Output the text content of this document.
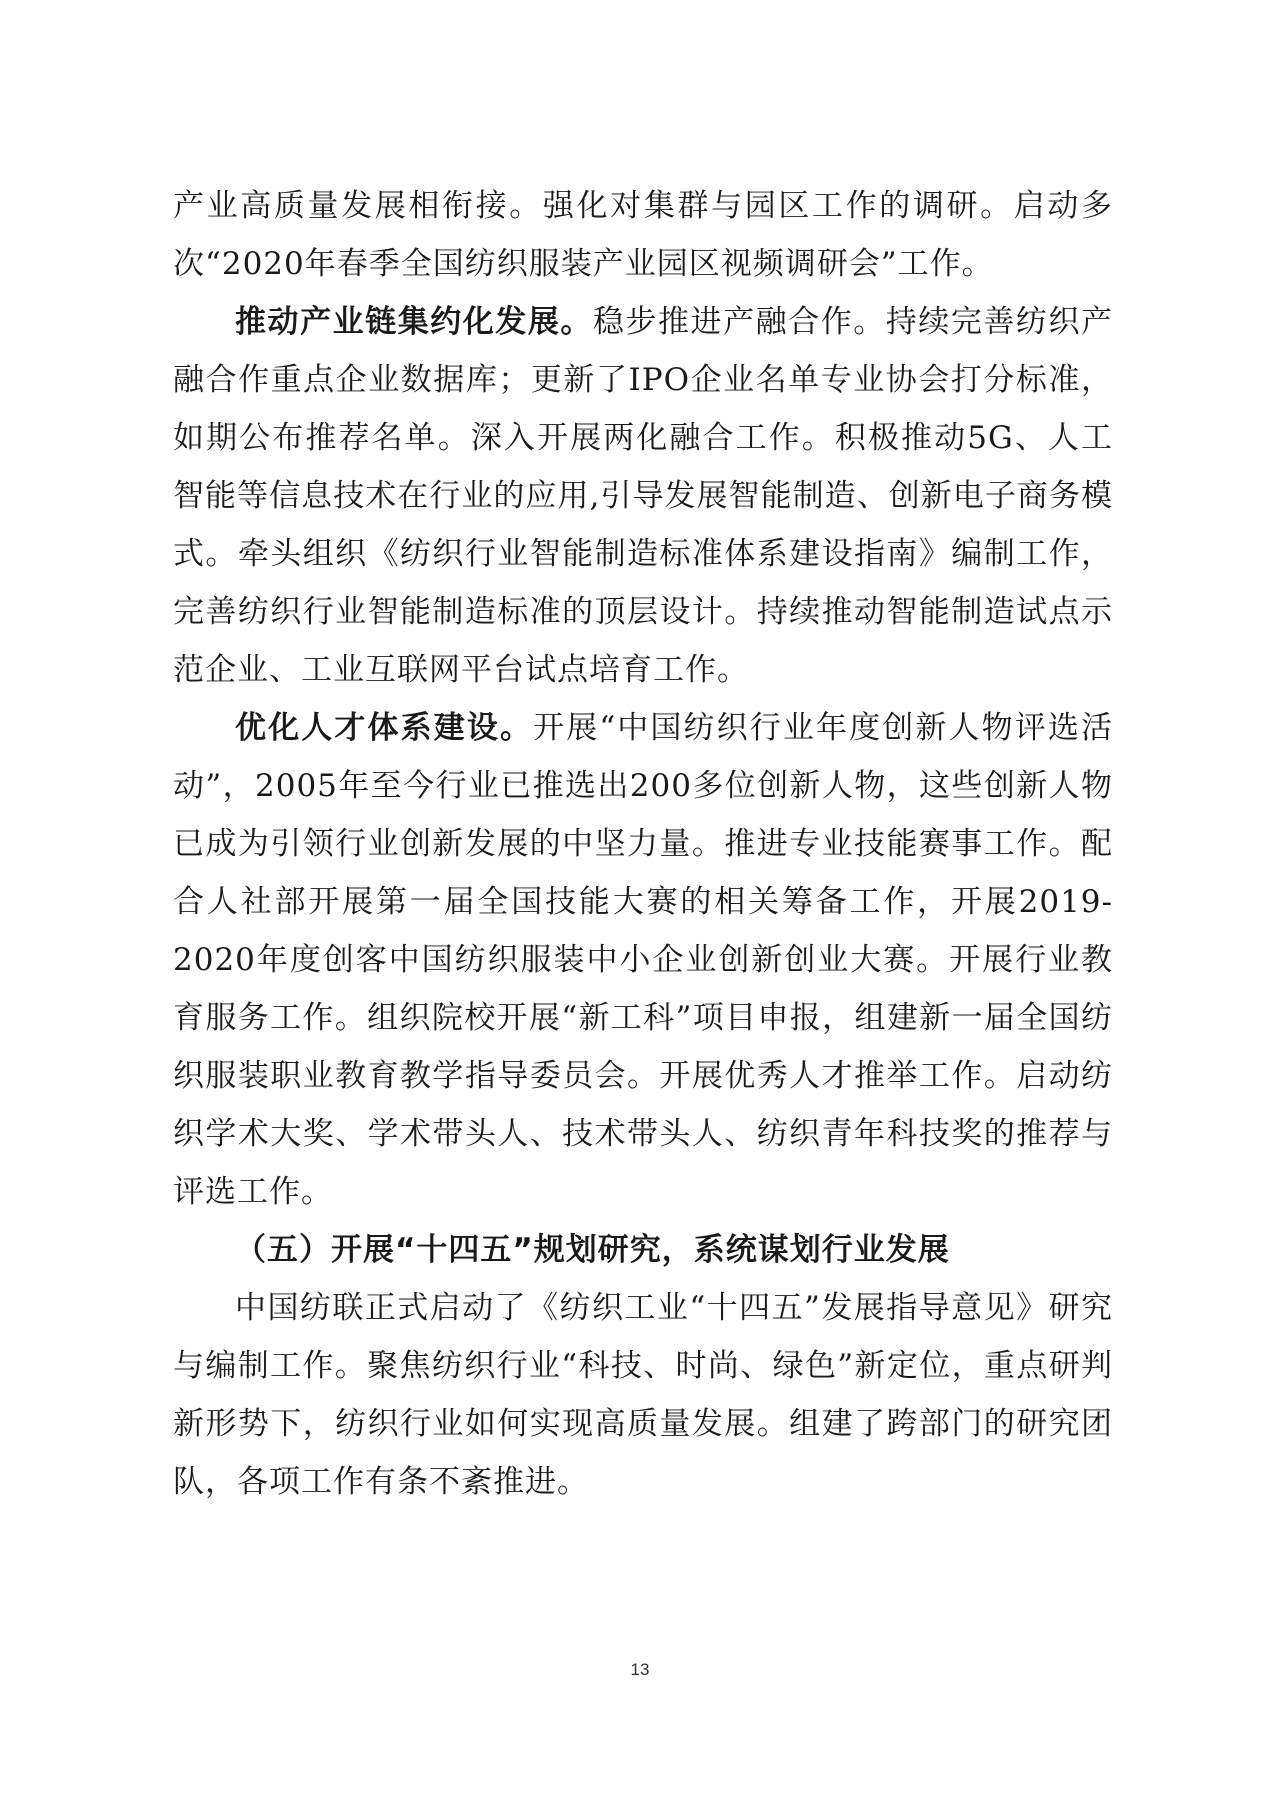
产业高质量发展相衔接。强化对集群与园区工作的调研。启动多次“2020年春季全国纺织服装产业园区视频调研会”工作。

推动产业链集约化发展。稳步推进产融合作。持续完善纺织产融合作重点企业数据库；更新了IPO企业名单专业协会打分标准，如期公布推荐名单。深入开展两化融合工作。积极推动5G、人工智能等信息技术在行业的应用,引导发展智能制造、创新电子商务模式。牵头组织《纺织行业智能制造标准体系建设指南》编制工作，完善纺织行业智能制造标准的顶层设计。持续推动智能制造试点示范企业、工业互联网平台试点培育工作。

优化人才体系建设。开展“中国纺织行业年度创新人物评选活动”，2005年至今行业已推选出200多位创新人物，这些创新人物已成为引领行业创新发展的中坚力量。推进专业技能赛事工作。配合人社部开展第一届全国技能大赛的相关筹备工作，开展2019-2020年度创客中国纺织服装中小企业创新创业大赛。开展行业教育服务工作。组织院校开展“新工科”项目申报，组建新一届全国纺织服装职业教育教学指导委员会。开展优秀人才推举工作。启动纺织学术大奖、学术带头人、技术带头人、纺织青年科技奖的推荐与评选工作。

（五）开展“十四五”规划研究，系统谋划行业发展

中国纺联正式启动了《纺织工业“十四五”发展指导意见》研究与编制工作。聚焦纺织行业“科技、时尚、绿色”新定位，重点研判新形势下，纺织行业如何实现高质量发展。组建了跨部门的研究团队，各项工作有条不紊推进。

13
